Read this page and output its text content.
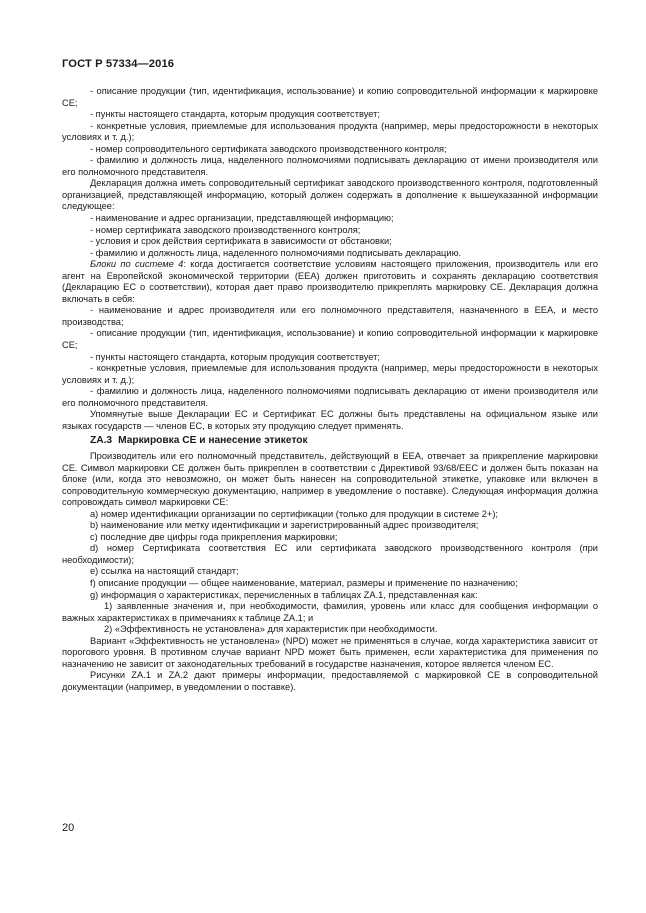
ГОСТ Р 57334—2016

- описание продукции (тип, идентификация, использование) и копию сопроводительной информации к маркировке CE;

- пункты настоящего стандарта, которым продукция соответствует;

- конкретные условия, приемлемые для использования продукта (например, меры предосторожности в некоторых условиях и т. д.);

- номер сопроводительного сертификата заводского производственного контроля;

- фамилию и должность лица, наделенного полномочиями подписывать декларацию от имени производителя или его полномочного представителя.

Декларация должна иметь сопроводительный сертификат заводского производственного контроля, подготовленный организацией, представляющей информацию, который должен содержать в дополнение к вышеуказанной информации следующее:

- наименование и адрес организации, представляющей информацию;

- номер сертификата заводского производственного контроля;

- условия и срок действия сертификата в зависимости от обстановки;

- фамилию и должность лица, наделенного полномочиями подписывать декларацию.

Блоки по системе 4: когда достигается соответствие условиям настоящего приложения, производитель или его агент на Европейской экономической территории (ЕЕА) должен приготовить и сохранять декларацию соответствия (Декларацию ЕС о соответствии), которая дает право производителю прикреплять маркировку CE. Декларация должна включать в себя:

- наименование и адрес производителя или его полномочного представителя, назначенного в ЕЕА, и место производства;

- описание продукции (тип, идентификация, использование) и копию сопроводительной информации к маркировке CE;

- пункты настоящего стандарта, которым продукция соответствует;

- конкретные условия, приемлемые для использования продукта (например, меры предосторожности в некоторых условиях и т. д.);

- фамилию и должность лица, наделенного полномочиями подписывать декларацию от имени производителя или его полномочного представителя.

Упомянутые выше Декларации ЕС и Сертификат ЕС должны быть представлены на официальном языке или языках государств — членов ЕС, в которых эту продукцию следует применять.

ZA.3 Маркировка CE и нанесение этикеток

Производитель или его полномочный представитель, действующий в ЕЕА, отвечает за прикрепление маркировки CE. Символ маркировки CE должен быть прикреплен в соответствии с Директивой 93/68/EEC и должен быть показан на блоке (или, когда это невозможно, он может быть нанесен на сопроводительной этикетке, упаковке или включен в сопроводительную коммерческую документацию, например в уведомление о поставке). Следующая информация должна сопровождать символ маркировки CE:

a) номер идентификации организации по сертификации (только для продукции в системе 2+);

b) наименование или метку идентификации и зарегистрированный адрес производителя;

c) последние две цифры года прикрепления маркировки;

d) номер Сертификата соответствия ЕС или сертификата заводского производственного контроля (при необходимости);

e) ссылка на настоящий стандарт;

f) описание продукции — общее наименование, материал, размеры и применение по назначению;

g) информация о характеристиках, перечисленных в таблицах ZA.1, представленная как:

1) заявленные значения и, при необходимости, фамилия, уровень или класс для сообщения информации о важных характеристиках в примечаниях к таблице ZA.1; и

2) «Эффективность не установлена» для характеристик при необходимости.

Вариант «Эффективность не установлена» (NPD) может не применяться в случае, когда характеристика зависит от порогового уровня. В противном случае вариант NPD может быть применен, если характеристика для применения по назначению не зависит от законодательных требований в государстве назначения, которое является членом ЕС.

Рисунки ZA.1 и ZA.2 дают примеры информации, предоставляемой с маркировкой CE в сопроводительной документации (например, в уведомлении о поставке).

20
